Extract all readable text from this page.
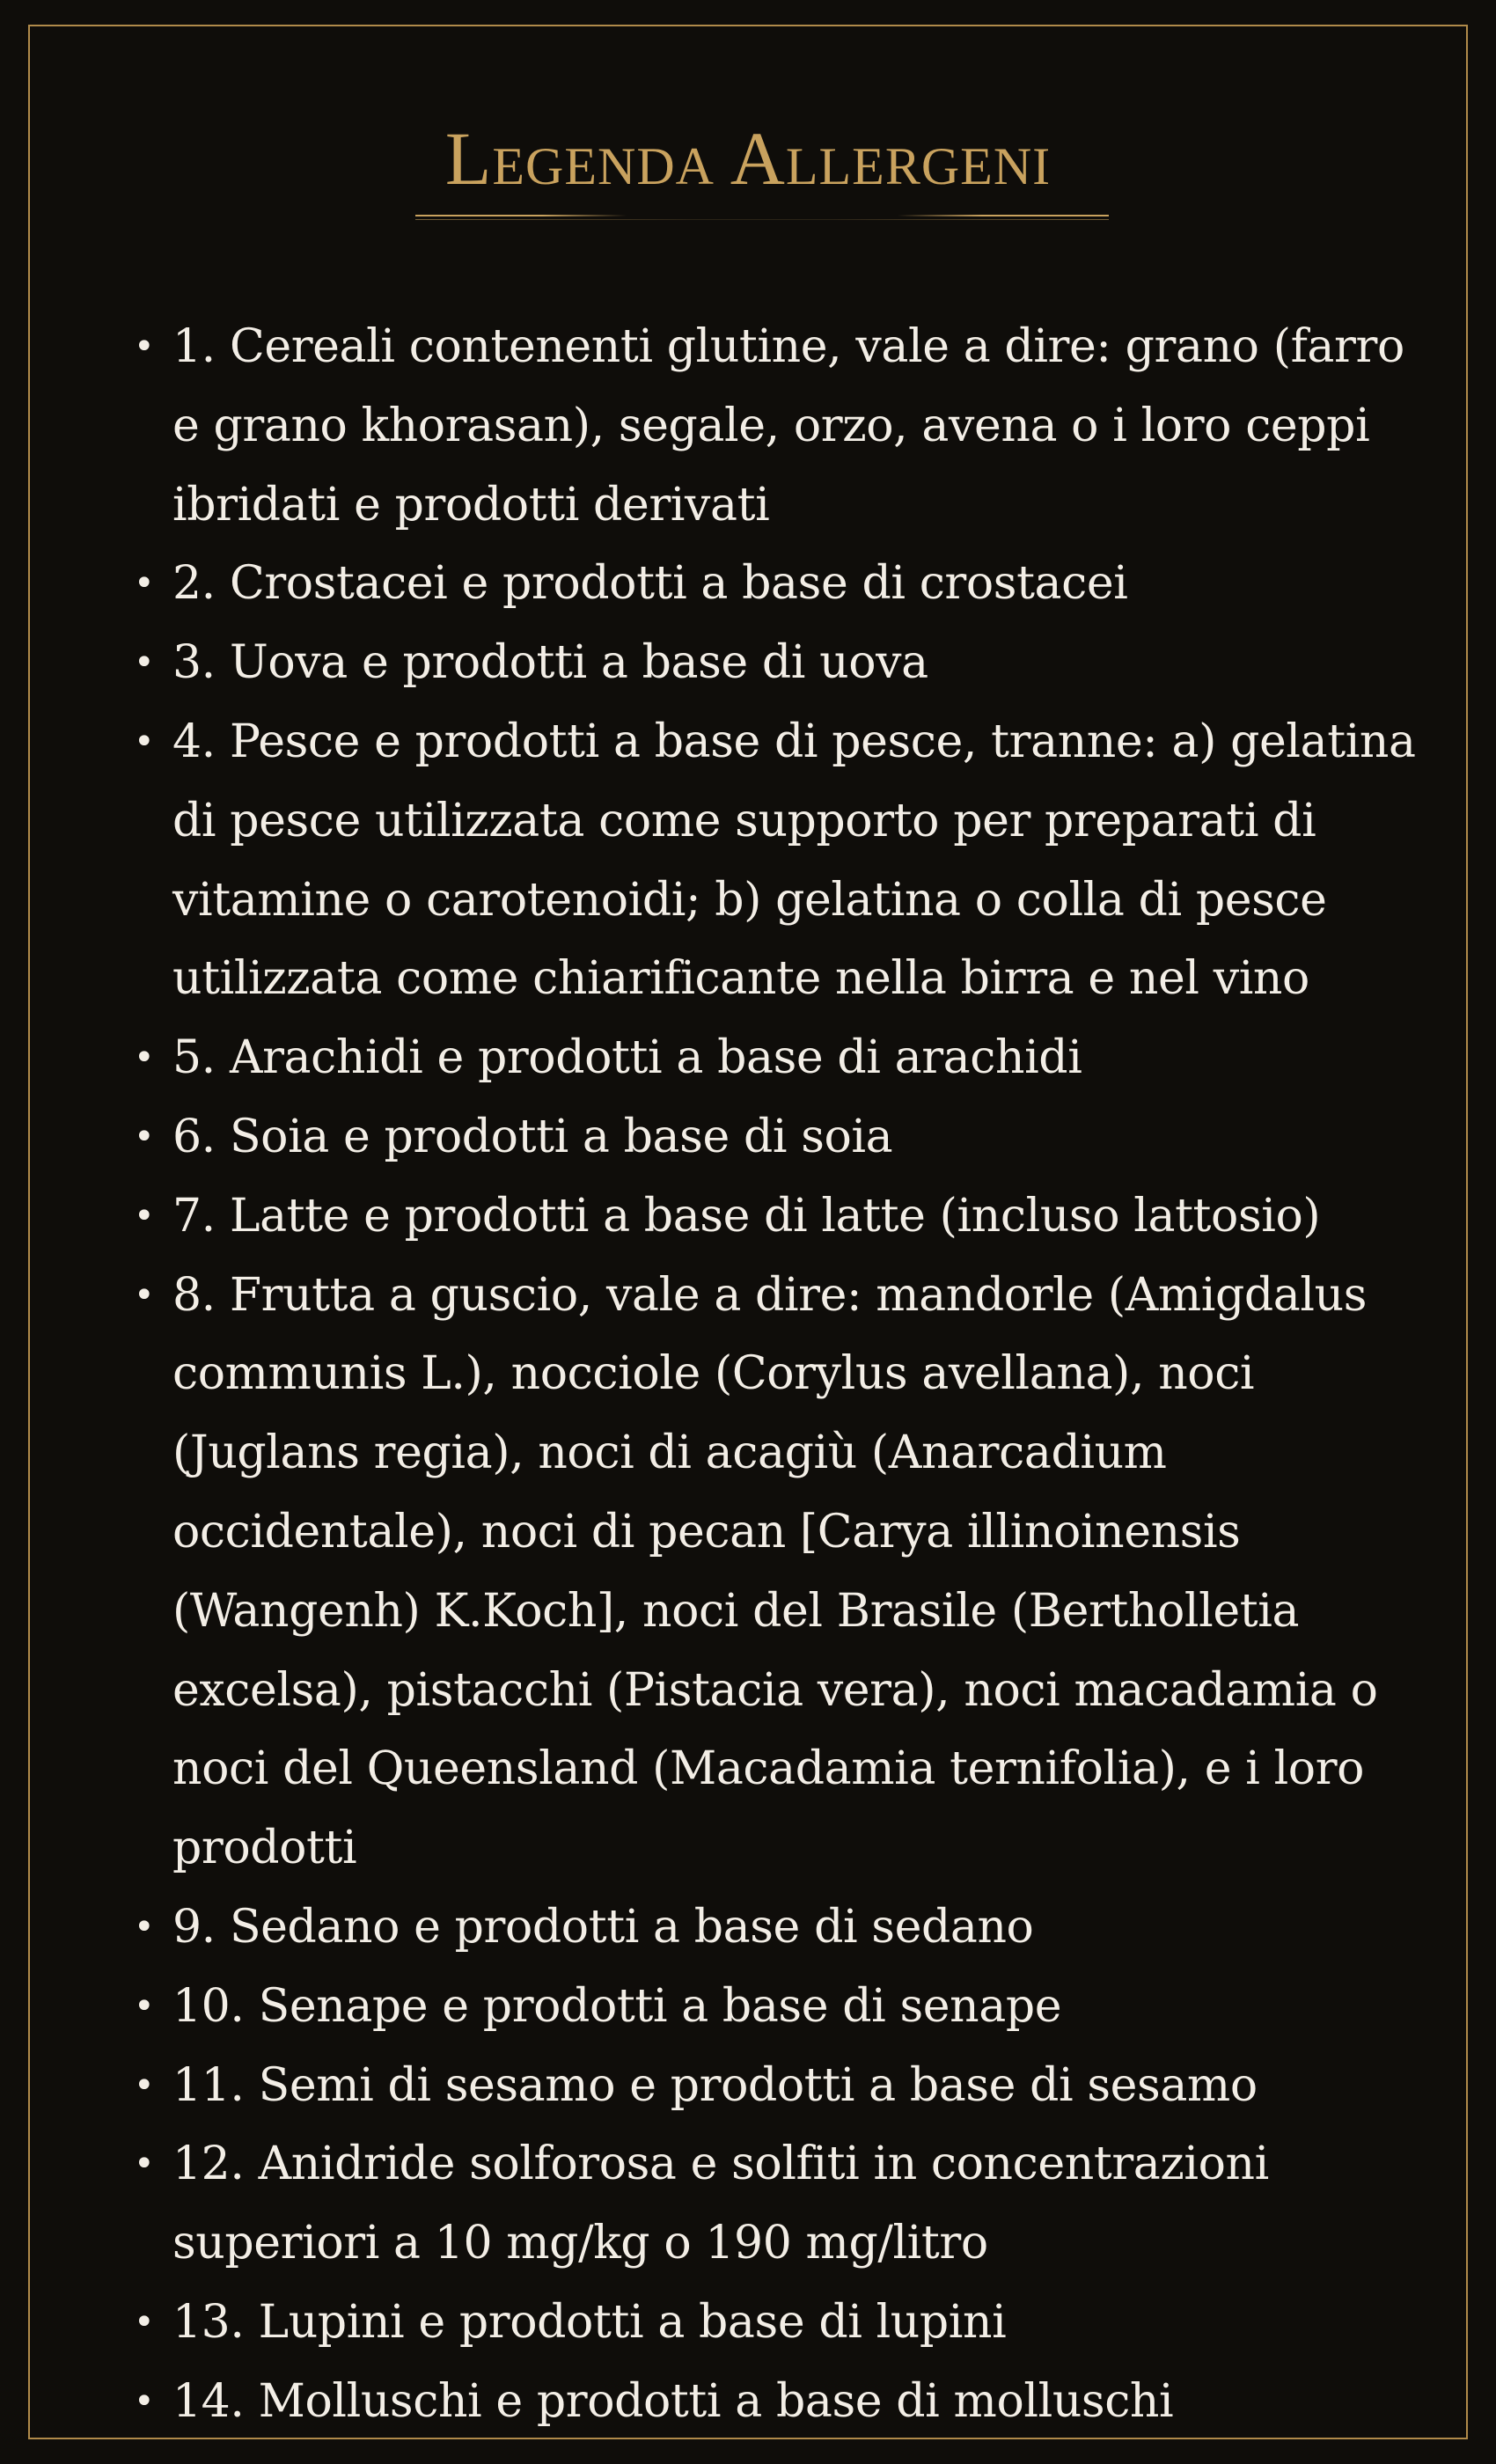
Legenda Allergeni
• 1. Cereali contenenti glutine, vale a dire: grano (farro e grano khorasan), segale, orzo, avena o i loro ceppi ibridati e prodotti derivati
• 2. Crostacei e prodotti a base di crostacei
• 3. Uova e prodotti a base di uova
• 4. Pesce e prodotti a base di pesce, tranne: a) gelatina di pesce utilizzata come supporto per preparati di vitamine o carotenoidi; b) gelatina o colla di pesce utilizzata come chiarificante nella birra e nel vino
• 5. Arachidi e prodotti a base di arachidi
• 6. Soia e prodotti a base di soia
• 7. Latte e prodotti a base di latte (incluso lattosio)
• 8. Frutta a guscio, vale a dire: mandorle (Amigdalus communis L.), nocciole (Corylus avellana), noci (Juglans regia), noci di acagiù (Anarcadium occidentale), noci di pecan [Carya illinoinensis (Wangenh) K.Koch], noci del Brasile (Bertholletia excelsa), pistacchi (Pistacia vera), noci macadamia o noci del Queensland (Macadamia ternifolia), e i loro prodotti
• 9. Sedano e prodotti a base di sedano
• 10. Senape e prodotti a base di senape
• 11. Semi di sesamo e prodotti a base di sesamo
• 12. Anidride solforosa e solfiti in concentrazioni superiori a 10 mg/kg o 190 mg/litro
• 13. Lupini e prodotti a base di lupini
• 14. Molluschi e prodotti a base di molluschi
